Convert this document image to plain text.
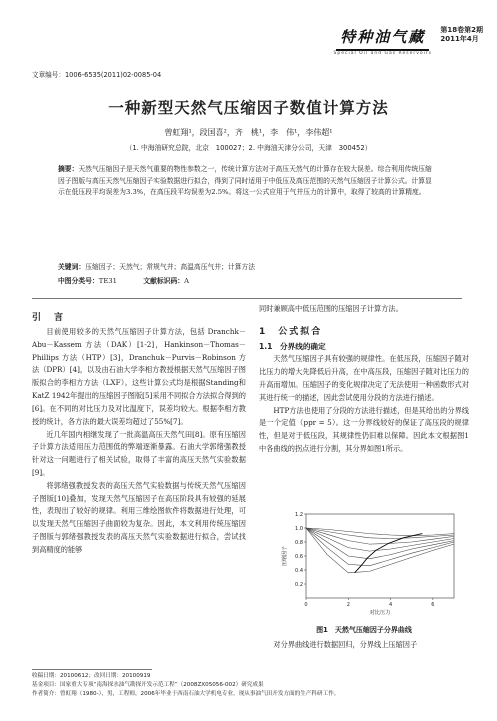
特种油气藏
Special Oil and Gas Reservoirs
第18卷第2期
2011年4月
文章编号：1006-6535(2011)02-0085-04
一种新型天然气压缩因子数值计算方法
曾虹翔¹，段国喜²，齐　桃¹，李　伟¹，李伟超¹
（1. 中海油研究总院，北京　100027；2. 中海油天津分公司，天津　300452）
摘要：天然气压缩因子是天然气重要的物性参数之一，传统计算方法对于高压天然气的计算存在较大误差。综合利用传统压缩因子图版与高压天然气压缩因子实验数据进行拟合，得到了同时适用于中低压及高压范围的天然气压缩因子计算公式。计算显示在低压段平均误差为3.3%，在高压段平均误差为2.5%。将这一公式应用于气井压力的计算中，取得了较高的计算精度。
关键词：压缩因子；天然气；常规气井；高温高压气井；计算方法
中图分类号：TE31	文献标识码：A

引　言

目前使用较多的天然气压缩因子计算方法，包括 Dranchk－Abu－Kassem 方法（DAK）[1-2]，Hankinson－Thomas－Phillips 方法（HTP）[3]，Dranchuk－Purvis－Robinson 方法（DPR）[4]，以及由石油大学李相方教授根据天然气压缩因子图版拟合的李相方方法（LXF）。这些计算公式均是根据Standing和KatZ 1942年提出的压缩因子图版[5]采用不同拟合方法拟合得到的[6]。在不同的对比压力及对比温度下，误差均较大。根据李相方教授的统计，各方法的最大误差均超过了55%[7]。

近几年国内相继发现了一批高温高压天然气田[8]。原有压缩因子计算方法适用压力范围低的弊端逐渐暴露。石油大学郭绪强教授针对这一问题进行了相关试验，取得了丰富的高压天然气实验数据[9]。

将郭绪强教授发表的高压天然气实验数据与传统天然气压缩因子图版[10]叠加，发现天然气压缩因子在高压阶段具有较强的延展性，表现出了较好的规律。利用三维绘图软件将数据进行处理，可以发现天然气压缩因子曲面较为复杂。因此，本文利用传统压缩因子图版与郭绪强教授发表的高压天然气实验数据进行拟合，尝试找到高精度的能够

同时兼顾高中低压范围的压缩因子计算方法。

1　公式拟合

1.1　分界线的确定

天然气压缩因子具有较强的规律性。在低压段，压缩因子随对比压力的增大先降低后升高，在中高压段，压缩因子随对比压力的升高而增加。压缩因子的变化规律决定了无法使用一种函数形式对其进行统一的描述，因此尝试使用分段的方法进行描述。

HTP方法也使用了分段的方法进行描述，但是其给出的分界线是一个定值（ppr = 5）。这一分界线较好的保证了高压段的规律性，但是对于低压段，其规律性仍旧难以保障。因此本文根据图1中各曲线的拐点进行分割，其分界如图1所示。

0.2
0.4
0.6
0.8
1.0
1.2
0	2	4	6
压缩因子
对比压力
图1　天然气压缩因子分界曲线
对分界曲线进行数据回归，分界线上压缩因子
收稿日期：20100612；改回日期：20100919
基金项目：国家重大专项“南海探水油气勘探开发示范工程”（2008ZX05056-002）研究成果
作者简介：曾虹翔（1980-），男，工程师，2006年毕业于西南石油大学机电专业，现从事油气田开发方面的生产科研工作。
